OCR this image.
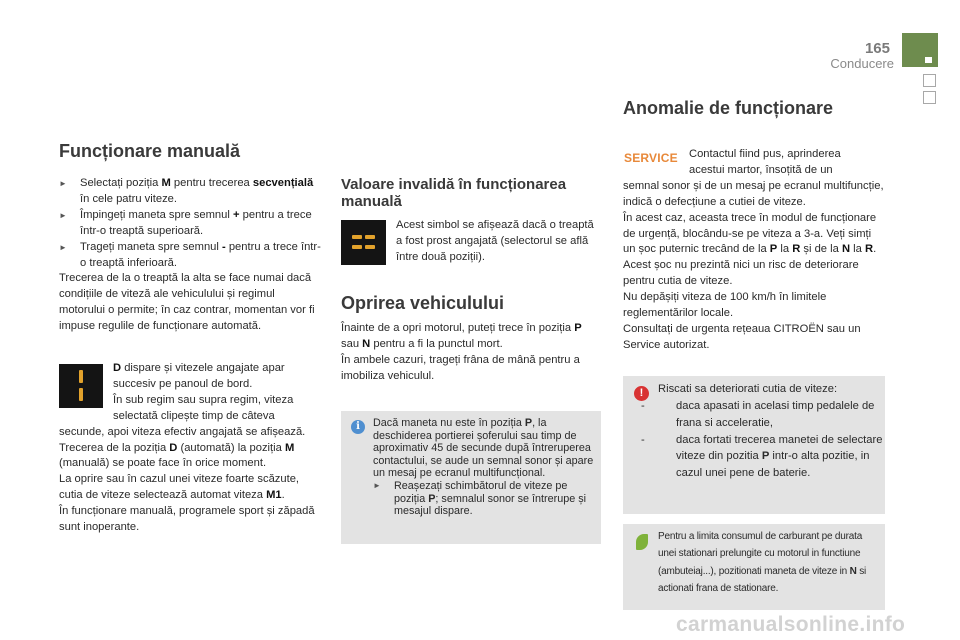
165
Conducere
Funcționare manuală
► Selectați poziția M pentru trecerea secvențială în cele patru viteze.
► Împingeți maneta spre semnul + pentru a trece într-o treaptă superioară.
► Trageți maneta spre semnul - pentru a trece într-o treaptă inferioară.
Trecerea de la o treaptă la alta se face numai dacă condițiile de viteză ale vehiculului și regimul motorului o permite; în caz contrar, momentan vor fi impuse regulile de funcționare automată.
D dispare și vitezele angajate apar succesiv pe panoul de bord.
În sub regim sau supra regim, viteza selectată clipește timp de câteva
secunde, apoi viteza efectiv angajată se afișează.
Trecerea de la poziția D (automată) la poziția M (manuală) se poate face în orice moment.
La oprire sau în cazul unei viteze foarte scăzute, cutia de viteze selectează automat viteza M1.
În funcționare manuală, programele sport și zăpadă sunt inoperante.
Valoare invalidă în funcționarea manuală
Acest simbol se afișează dacă o treaptă a fost prost angajată (selectorul se află între două poziții).
Oprirea vehiculului
Înainte de a opri motorul, puteți trece în poziția P sau N pentru a fi la punctul mort.
În ambele cazuri, trageți frâna de mână pentru a imobiliza vehiculul.
i	Dacă maneta nu este în poziția P, la deschiderea portierei șoferului sau timp de aproximativ 45 de secunde după întreruperea contactului, se aude un semnal sonor și apare un mesaj pe ecranul multifuncțional.
► Reașezați schimbătorul de viteze pe poziția P; semnalul sonor se întrerupe și mesajul dispare.
Anomalie de funcționare
SERVICE Contactul fiind pus, aprinderea
acestui martor, însoțită de un
semnal sonor și de un mesaj pe ecranul multifuncție, indică o defecțiune a cutiei de viteze.
În acest caz, aceasta trece în modul de funcționare de urgență, blocându-se pe viteza a 3-a. Veți simți un șoc puternic trecând de la P la R și de la N la R. Acest șoc nu prezintă nici un risc de deteriorare pentru cutia de viteze.
Nu depășiți viteza de 100 km/h în limitele reglementărilor locale.
Consultați de urgenta rețeaua CITROËN sau un Service autorizat.
!	Riscati sa deteriorati cutia de viteze:
-	daca apasati in acelasi timp pedalele de frana si acceleratie,
-	daca fortati trecerea manetei de selectare viteze din pozitia P intr-o alta pozitie, in cazul unei pene de baterie.
Pentru a limita consumul de carburant pe durata unei stationari prelungite cu motorul in functiune (ambuteiaj...), pozitionati maneta de viteze in N si actionati frana de stationare.
carmanualsonline.info
